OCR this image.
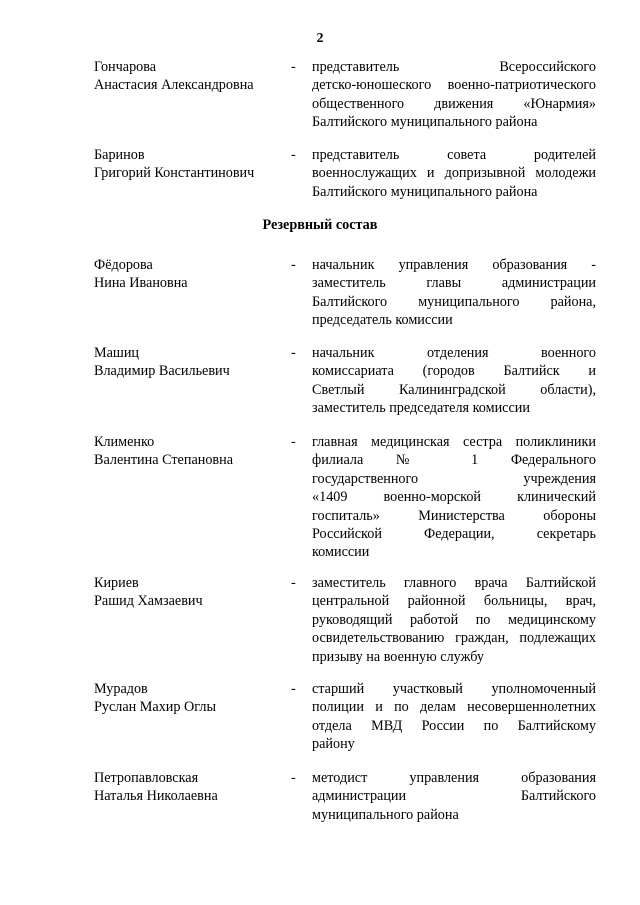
2
Гончарова
Анастасия Александровна
-	представитель Всероссийского
детско-юношеского военно-патриотического
общественного движения «Юнармия»
Балтийского муниципального района
Баринов
Григорий Константинович
-	представитель совета родителей
военнослужащих и допризывной молодежи
Балтийского муниципального района
Резервный состав
Фёдорова
Нина Ивановна
-	начальник управления образования -
заместитель главы администрации
Балтийского муниципального района,
председатель комиссии
Машиц
Владимир Васильевич
-	начальник отделения военного
комиссариата (городов Балтийск и
Светлый Калининградской области),
заместитель председателя комиссии
Клименко
Валентина Степановна
-	главная медицинская сестра поликлиники
филиала № 1 Федерального
государственного учреждения
«1409 военно-морской клинический
госпиталь» Министерства обороны
Российской Федерации, секретарь
комиссии
Кириев
Рашид Хамзаевич
-	заместитель главного врача Балтийской
центральной районной больницы, врач,
руководящий работой по медицинскому
освидетельствованию граждан, подлежащих
призыву на военную службу
Мурадов
Руслан Махир Оглы
-	старший участковый уполномоченный
полиции и по делам несовершеннолетних
отдела МВД России по Балтийскому
району
Петропавловская
Наталья Николаевна
-	методист управления образования
администрации Балтийского
муниципального района
